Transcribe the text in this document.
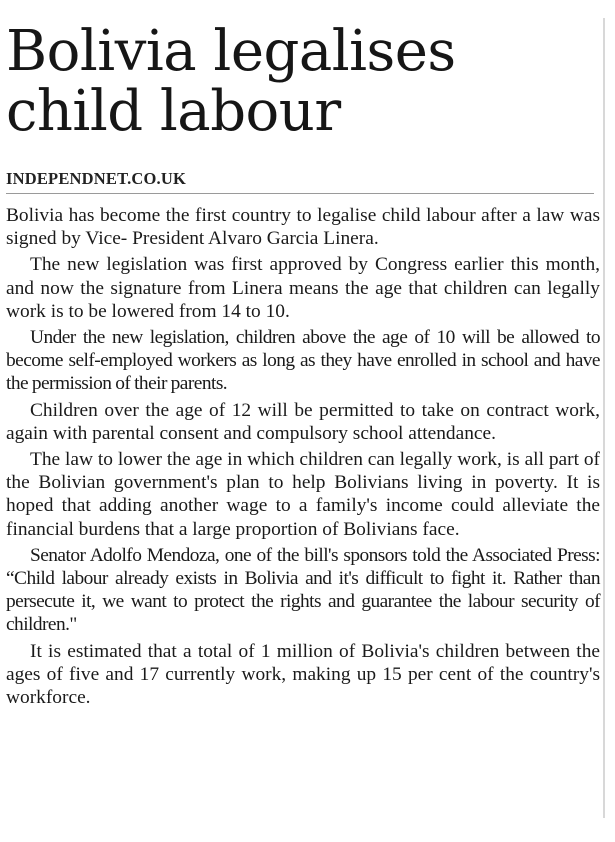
Bolivia legalises
child labour
INDEPENDNET.CO.UK

Bolivia has become the first country to legalise child labour after a law was signed by Vice- President Alvaro Garcia Linera.

The new legislation was first approved by Congress earlier this month, and now the signature from Linera means the age that children can legally work is to be lowered from 14 to 10.

Under the new legislation, children above the age of 10 will be allowed to become self-employed workers as long as they have enrolled in school and have the permission of their parents.

Children over the age of 12 will be permitted to take on contract work, again with parental consent and compulsory school attendance.

The law to lower the age in which children can legally work, is all part of the Bolivian government's plan to help Bolivians living in poverty. It is hoped that adding another wage to a family's income could alleviate the financial burdens that a large proportion of Bolivians face.

Senator Adolfo Mendoza, one of the bill's sponsors told the Associated Press: “Child labour already exists in Bolivia and it's difficult to fight it. Rather than persecute it, we want to protect the rights and guarantee the labour security of children."

It is estimated that a total of 1 million of Bolivia's children between the ages of five and 17 currently work, making up 15 per cent of the country's workforce.
